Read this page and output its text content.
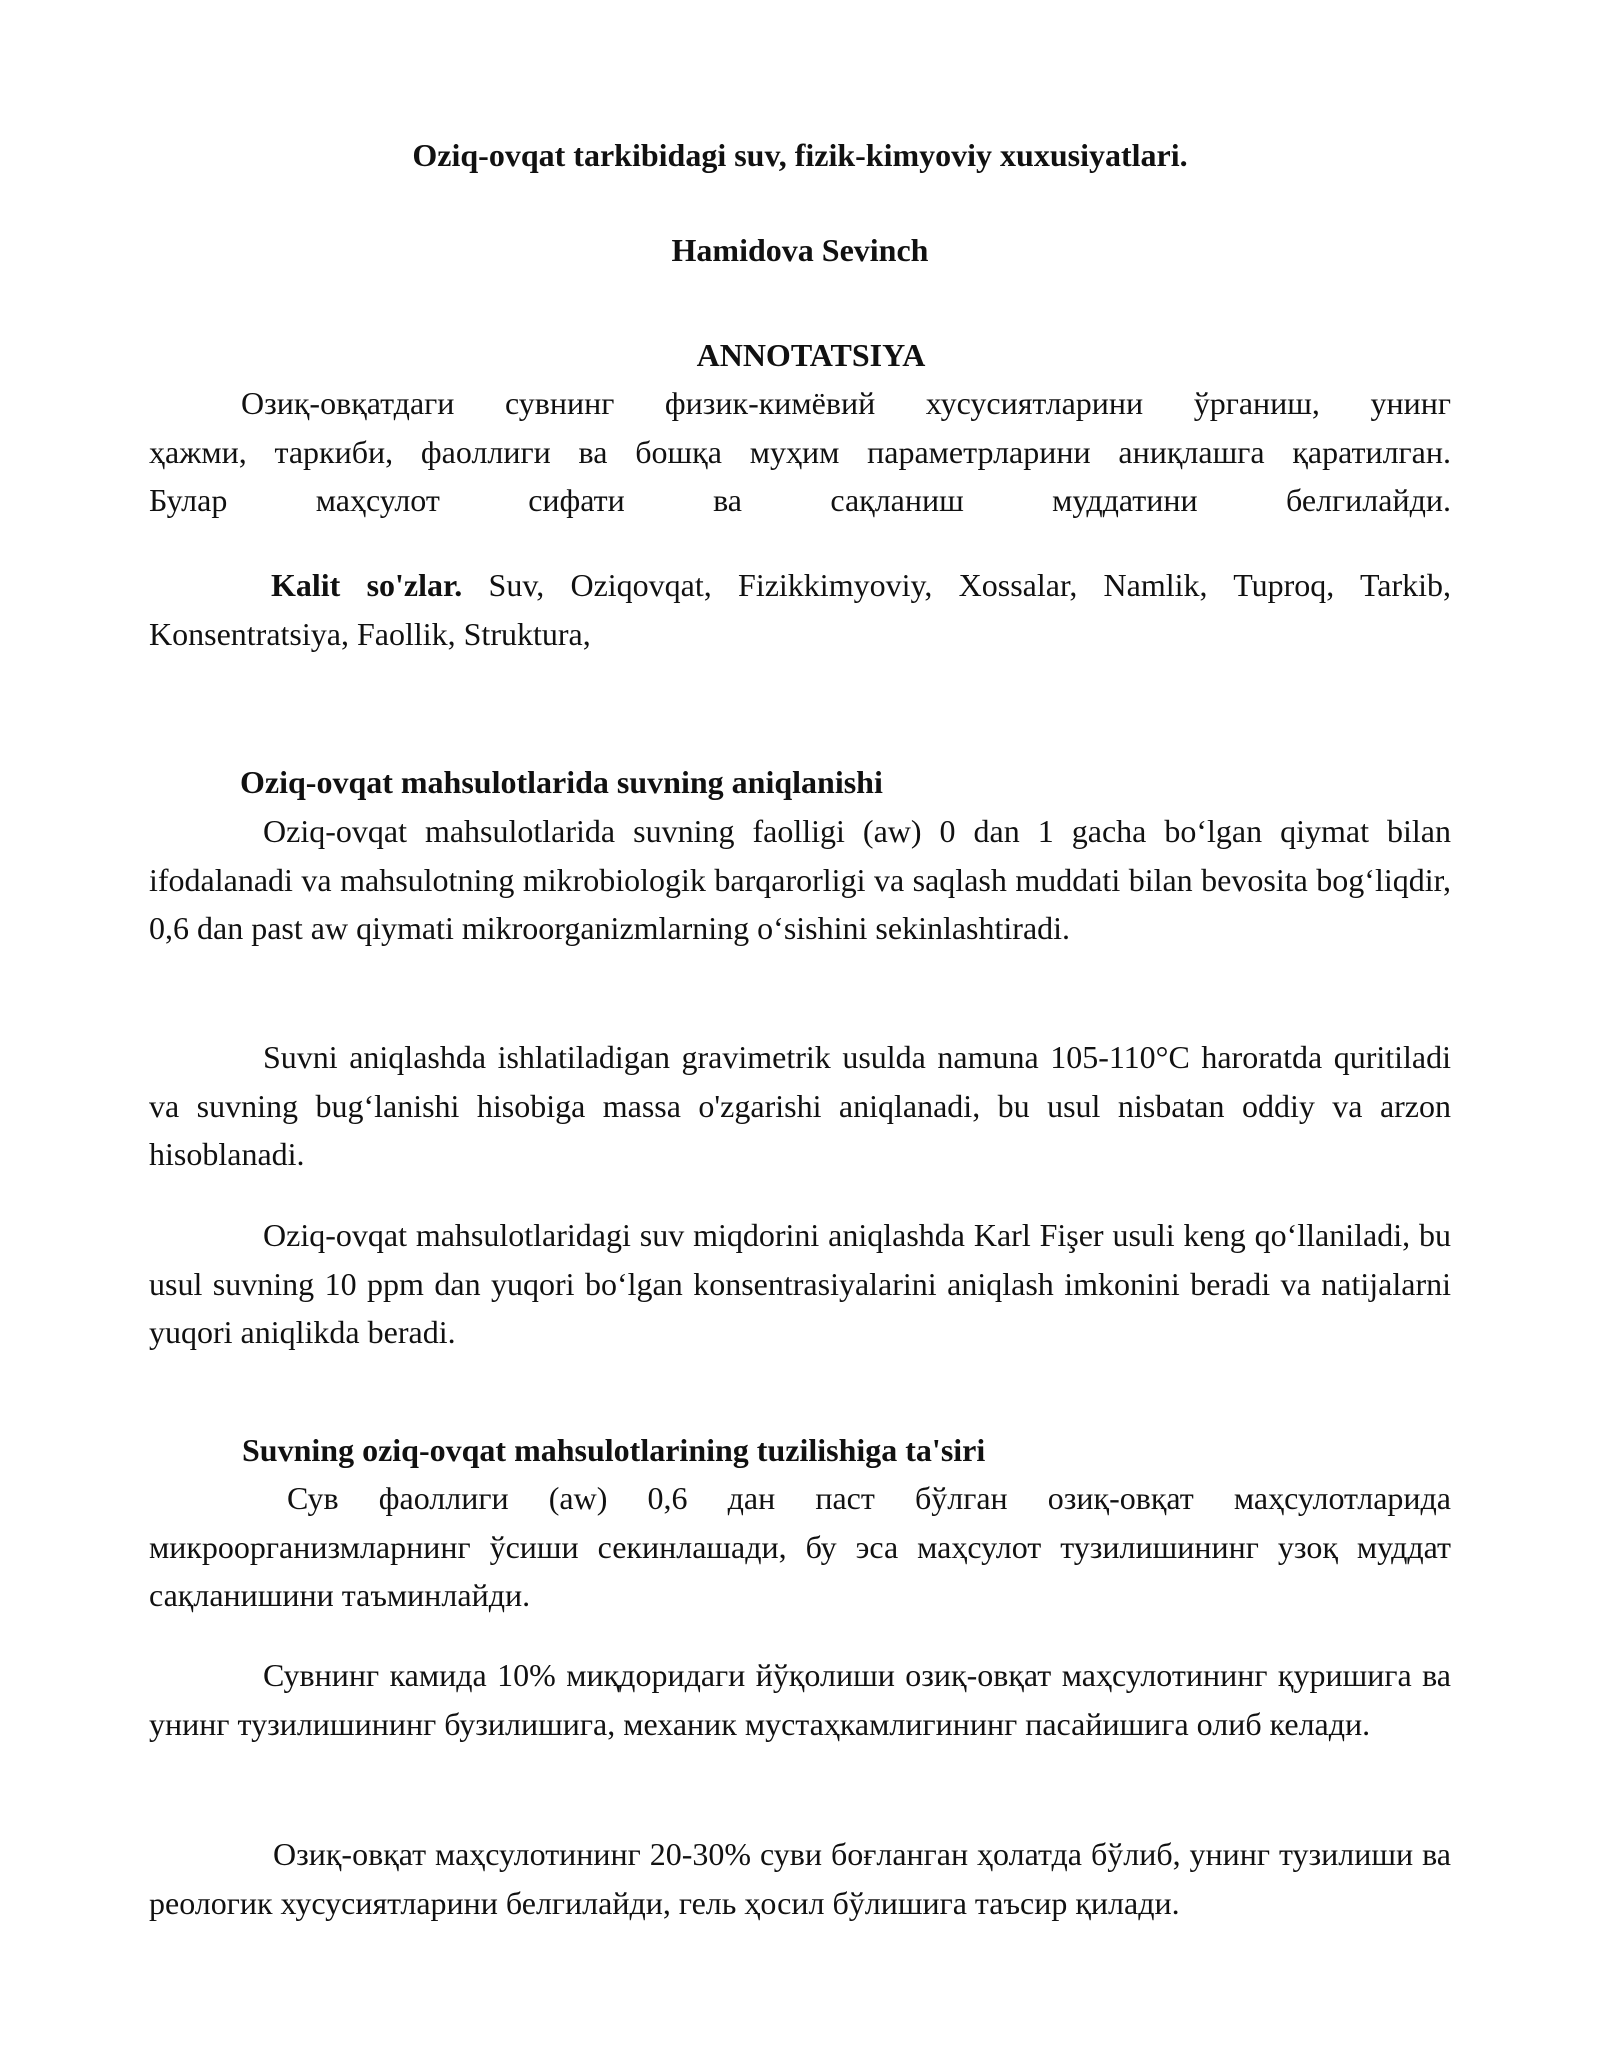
Oziq-ovqat tarkibidagi suv, fizik-kimyoviy xuxusiyatlari.

Hamidova Sevinch

ANNOTATSIYA

Озиқ-овқатдаги сувнинг физик-кимёвий хусусиятларини ўрганиш, унинг
ҳажми, таркиби, фаоллиги ва бошқа муҳим параметрларини аниқлашга қаратилган.
Булар маҳсулот сифати ва сақланиш муддатини белгилайди.

Kalit so'zlar. Suv, Oziqovqat, Fizikkimyoviy, Xossalar, Namlik, Tuproq, Tarkib, Konsentratsiya, Faollik, Struktura,

Oziq-ovqat mahsulotlarida suvning aniqlanishi

Oziq-ovqat mahsulotlarida suvning faolligi (aw) 0 dan 1 gacha bo‘lgan qiymat bilan ifodalanadi va mahsulotning mikrobiologik barqarorligi va saqlash muddati bilan bevosita bog‘liqdir, 0,6 dan past aw qiymati mikroorganizmlarning o‘sishini sekinlashtiradi.

Suvni aniqlashda ishlatiladigan gravimetrik usulda namuna 105-110°C haroratda quritiladi va suvning bug‘lanishi hisobiga massa o'zgarishi aniqlanadi, bu usul nisbatan oddiy va arzon hisoblanadi.

Oziq-ovqat mahsulotlaridagi suv miqdorini aniqlashda Karl Fişer usuli keng qo‘llaniladi, bu usul suvning 10 ppm dan yuqori bo‘lgan konsentrasiyalarini aniqlash imkonini beradi va natijalarni yuqori aniqlikda beradi.

Suvning oziq-ovqat mahsulotlarining tuzilishiga ta'siri

Сув фаоллиги (aw) 0,6 дан паст бўлган озиқ-овқат маҳсулотларида микроорганизмларнинг ўсиши секинлашади, бу эса маҳсулот тузилишининг узоқ муддат сақланишини таъминлайди.

Сувнинг камида 10% миқдоридаги йўқолиши озиқ-овқат маҳсулотининг қуришига ва унинг тузилишининг бузилишига, механик мустаҳкамлигининг пасайишига олиб келади.

Озиқ-овқат маҳсулотининг 20-30% суви боғланган ҳолатда бўлиб, унинг тузилиши ва реологик хусусиятларини белгилайди, гель ҳосил бўлишига таъсир қилади.
